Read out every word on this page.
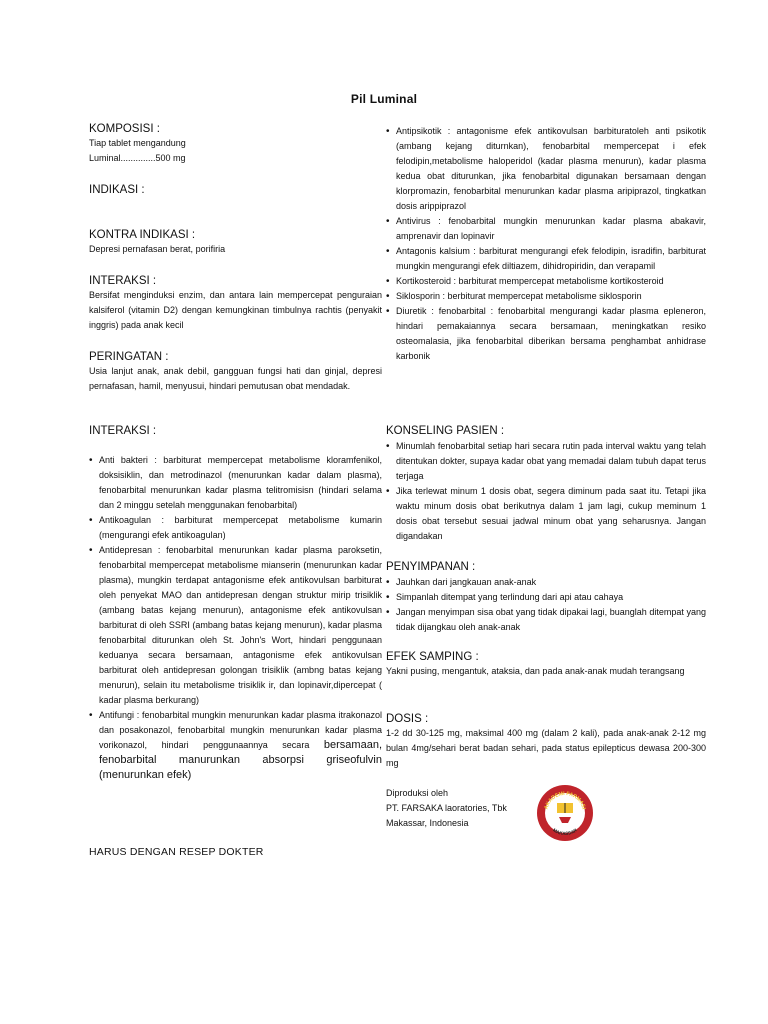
Pil Luminal

KOMPOSISI :

Tiap tablet mengandung

Luminal..............500 mg

INDIKASI :

KONTRA INDIKASI :

Depresi pernafasan berat, porifiria

INTERAKSI :

Bersifat menginduksi enzim, dan antara lain mempercepat penguraian kalsiferol (vitamin D2) dengan kemungkinan timbulnya rachtis (penyakit inggris) pada anak kecil

PERINGATAN :

Usia lanjut anak, anak debil, gangguan fungsi hati dan ginjal, depresi pernafasan, hamil, menyusui, hindari pemutusan obat mendadak.

INTERAKSI :

• Anti bakteri : barbiturat mempercepat metabolisme kloramfenikol, doksisiklin, dan metrodinazol (menurunkan kadar dalam plasma), fenobarbital menurunkan kadar plasma telitromisisn (hindari selama dan 2 minggu setelah menggunakan fenobarbital)
• Antikoagulan : barbiturat mempercepat metabolisme kumarin (mengurangi efek antikoagulan)
• Antidepresan : fenobarbital menurunkan kadar plasma paroksetin, fenobarbital mempercepat metabolisme mianserin (menurunkan kadar plasma), mungkin terdapat antagonisme efek antikovulsan barbiturat oleh penyekat MAO dan antidepresan dengan struktur mirip trisiklik (ambang batas kejang menurun), antagonisme efek antikovulsan barbiturat di oleh SSRI (ambang batas kejang menurun), kadar plasma fenobarbital diturunkan oleh St. John's Wort, hindari penggunaan keduanya secara bersamaan, antagonisme efek antikovulsan barbiturat oleh antidepresan golongan trisiklik (ambng batas kejang menurun), selain itu metabolisme trisiklik ir, dan lopinavir,dipercepat ( kadar plasma berkurang)
• Antifungi : fenobarbital mungkin menurunkan kadar plasma itrakonazol dan posakonazol, fenobarbital mungkin menurunkan kadar plasma vorikonazol, hindari penggunaannya secara bersamaan, fenobarbital manurunkan absorpsi griseofulvin (menurunkan efek)
• Antipsikotik : antagonisme efek antikovulsan barbituratoleh anti psikotik (ambang kejang diturnkan), fenobarbital mempercepat i efek felodipin,metabolisme haloperidol (kadar plasma menurun), kadar plasma kedua obat diturunkan, jika fenobarbital digunakan bersamaan dengan klorpromazin, fenobarbital menurunkan kadar plasma aripiprazol, tingkatkan dosis arippiprazol
• Antivirus : fenobarbital mungkin menurunkan kadar plasma abakavir, amprenavir dan lopinavir
• Antagonis kalsium : barbiturat mengurangi efek felodipin, isradifin, barbiturat mungkin mengurangi efek diltiazem, dihidropiridin, dan verapamil
• Kortikosteroid : barbiturat mempercepat metabolisme kortikosteroid
• Siklosporin : berbiturat mempercepat metabolisme siklosporin
• Diuretik : fenobarbital : fenobarbital mengurangi kadar plasma epleneron, hindari pemakaiannya secara bersamaan, meningkatkan resiko osteomalasia, jika fenobarbital diberikan bersama penghambat anhidrase karbonik

KONSELING PASIEN :

• Minumlah fenobarbital setiap hari secara rutin pada interval waktu yang telah ditentukan dokter, supaya kadar obat yang memadai dalam tubuh dapat terus terjaga
• Jika terlewat minum 1 dosis obat, segera diminum pada saat itu. Tetapi jika waktu minum dosis obat berikutnya dalam 1 jam lagi, cukup meminum 1 dosis obat tersebut sesuai jadwal minum obat yang seharusnya. Jangan digandakan

PENYIMPANAN :

• Jauhkan dari jangkauan anak-anak
• Simpanlah ditempat yang terlindung dari api atau cahaya
• Jangan menyimpan sisa obat yang tidak dipakai lagi, buanglah ditempat yang tidak dijangkau oleh anak-anak

EFEK SAMPING :

Yakni pusing, mengantuk, ataksia, dan pada anak-anak mudah terangsang

DOSIS :

1-2 dd 30-125 mg, maksimal 400 mg (dalam 2 kali), pada anak-anak 2-12 mg bulan 4mg/sehari berat badan sehari, pada status epilepticus dewasa 200-300 mg

Diproduksi oleh

PT. FARSAKA laoratories, Tbk

Makassar, Indonesia

AKADEMI FARMASI
MAKASSAR
HARUS DENGAN RESEP DOKTER
